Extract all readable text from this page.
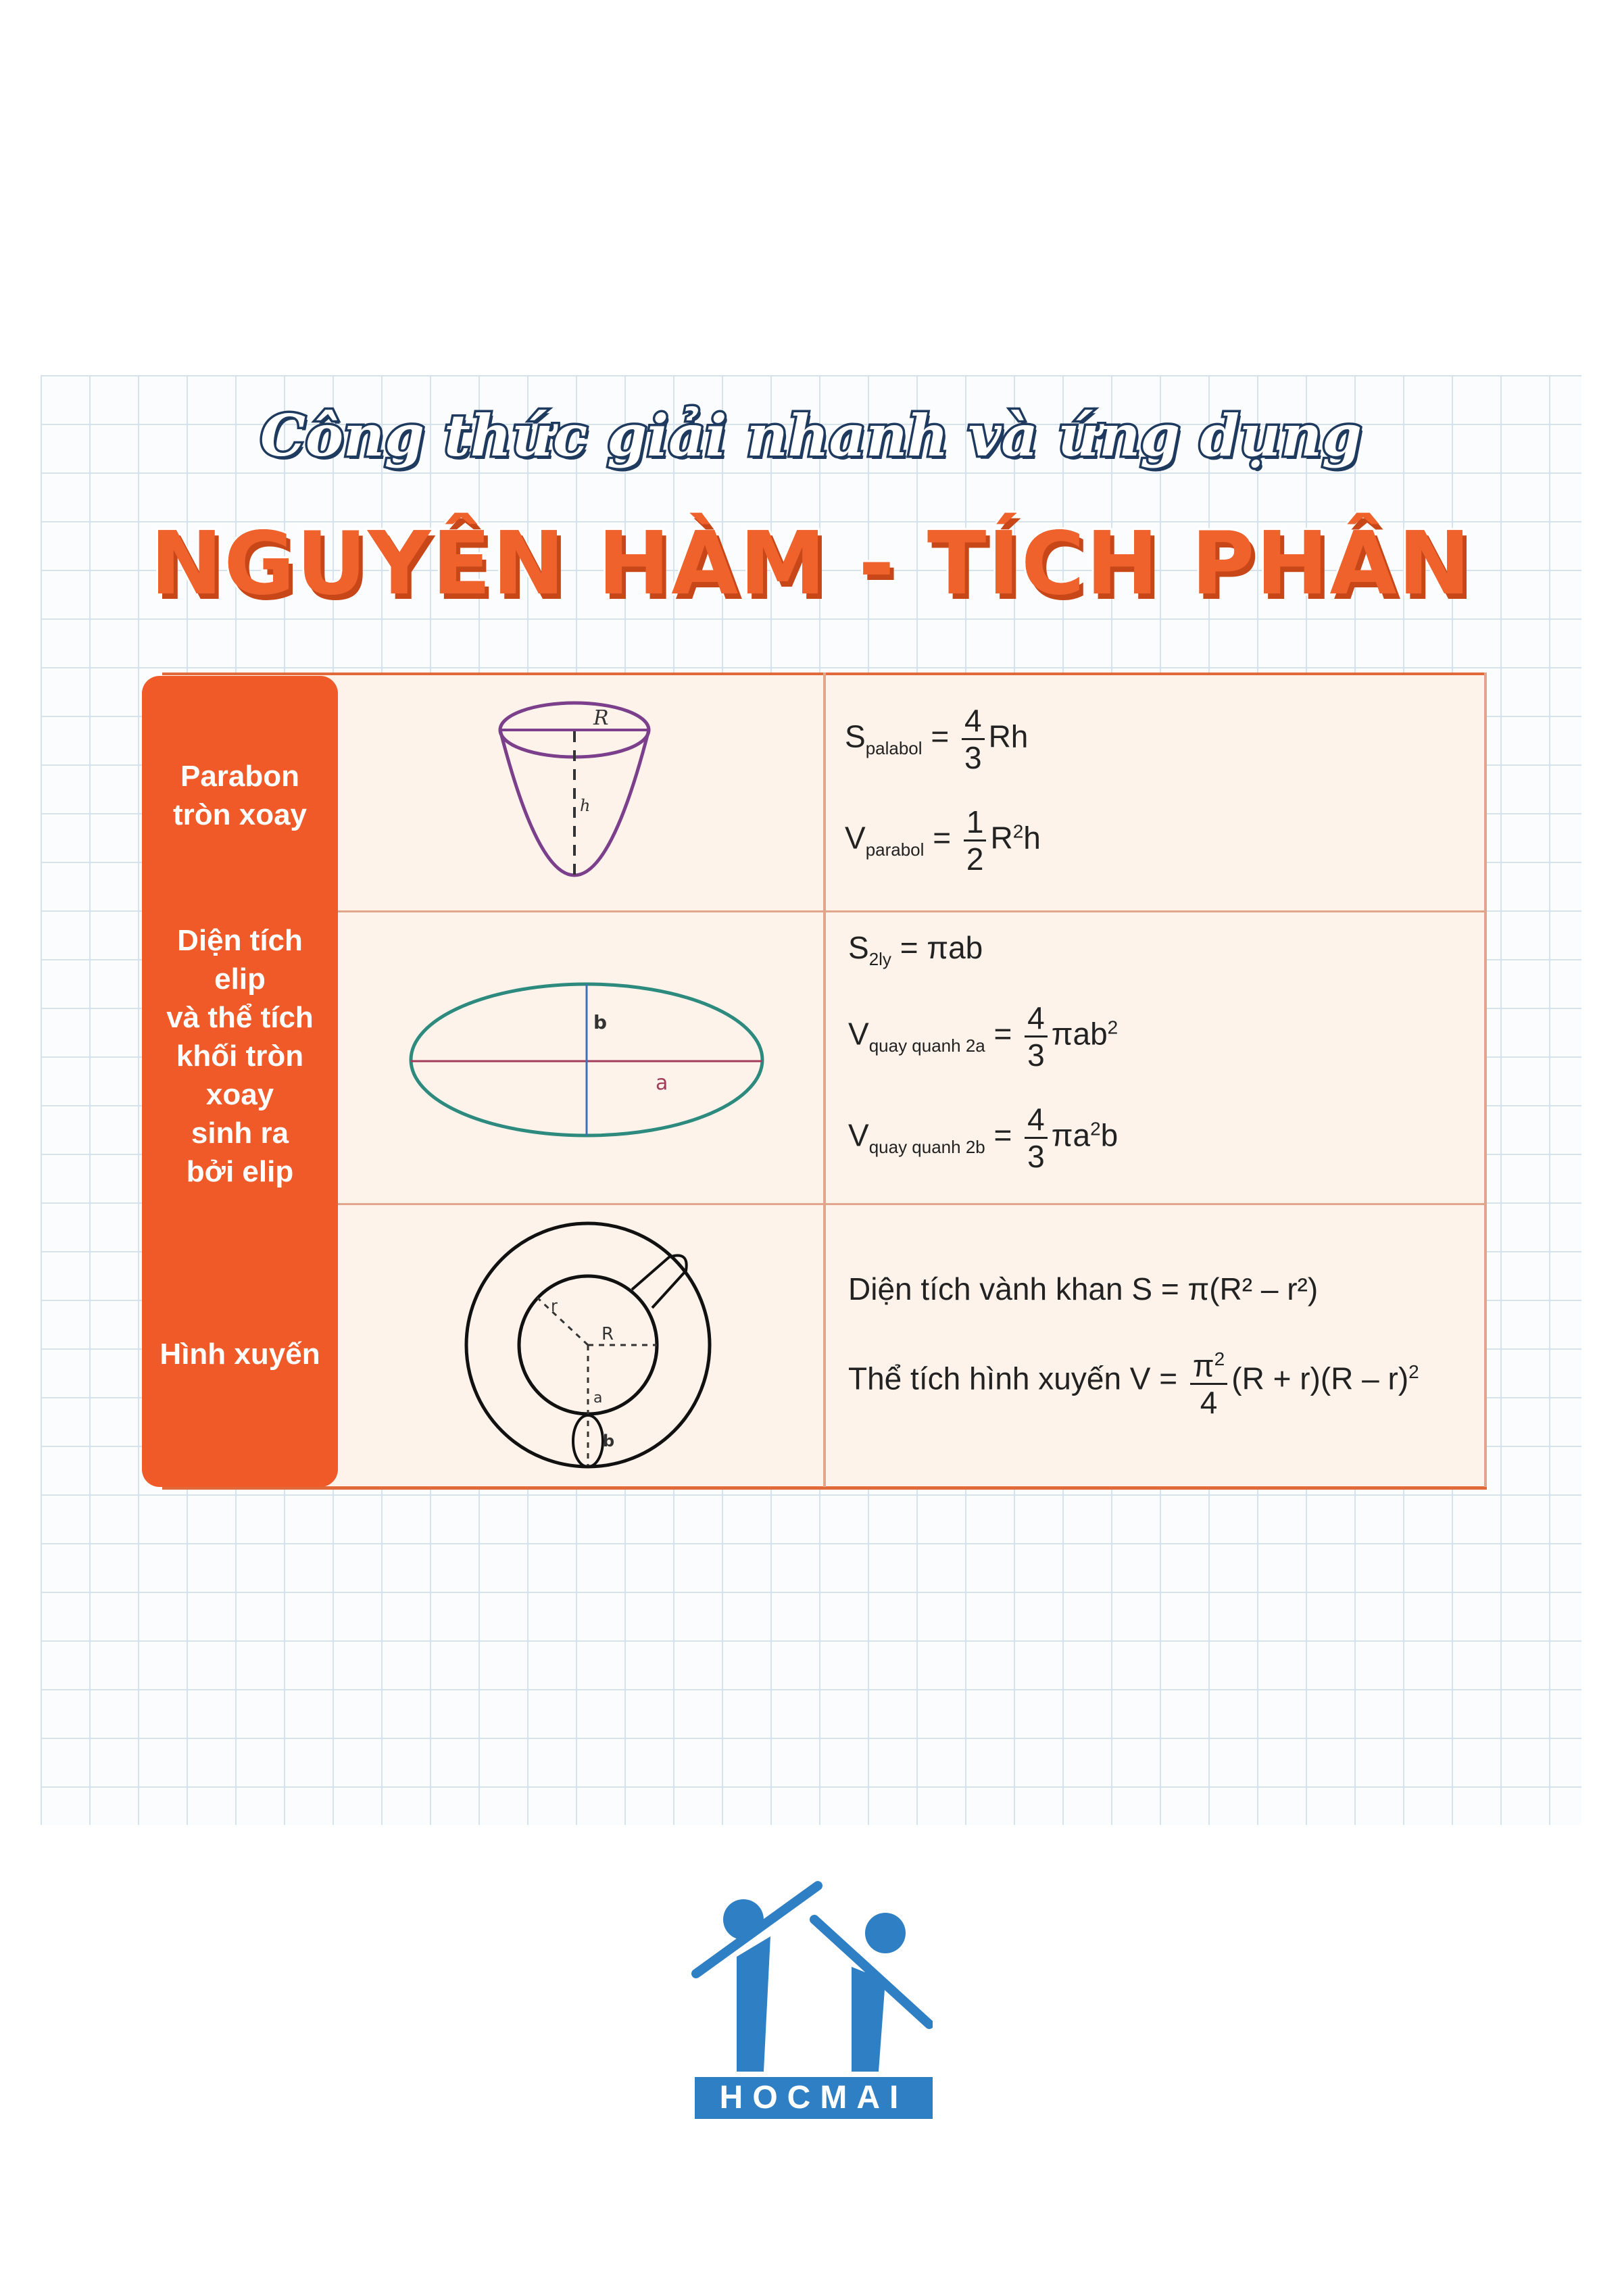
Công thức giải nhanh và ứng dụng
NGUYÊN HÀM - TÍCH PHÂN
Parabon
tròn xoay
Diện tích
elip
và thể tích
khối tròn
xoay
sinh ra
bởi elip
Hình xuyến
R
h
b
a
r
R
a
b
$S_{palabol} = \frac{4}{3}$ Rh
$V_{parabol} = \frac{1}{2} R^2h$
$S_{2ly} = \pi ab$
$V_{quay quanh 2a} = \frac{4}{3} \pi ab^2$
$V_{quay quanh 2b} = \frac{4}{3} \pi a^2b$
Diện tích vành khan S = π(R² – r²)
Thể tích hình xuyến $V = \frac{\pi^2}{4} (R + r)(R - r)^2$
HOCMAI
